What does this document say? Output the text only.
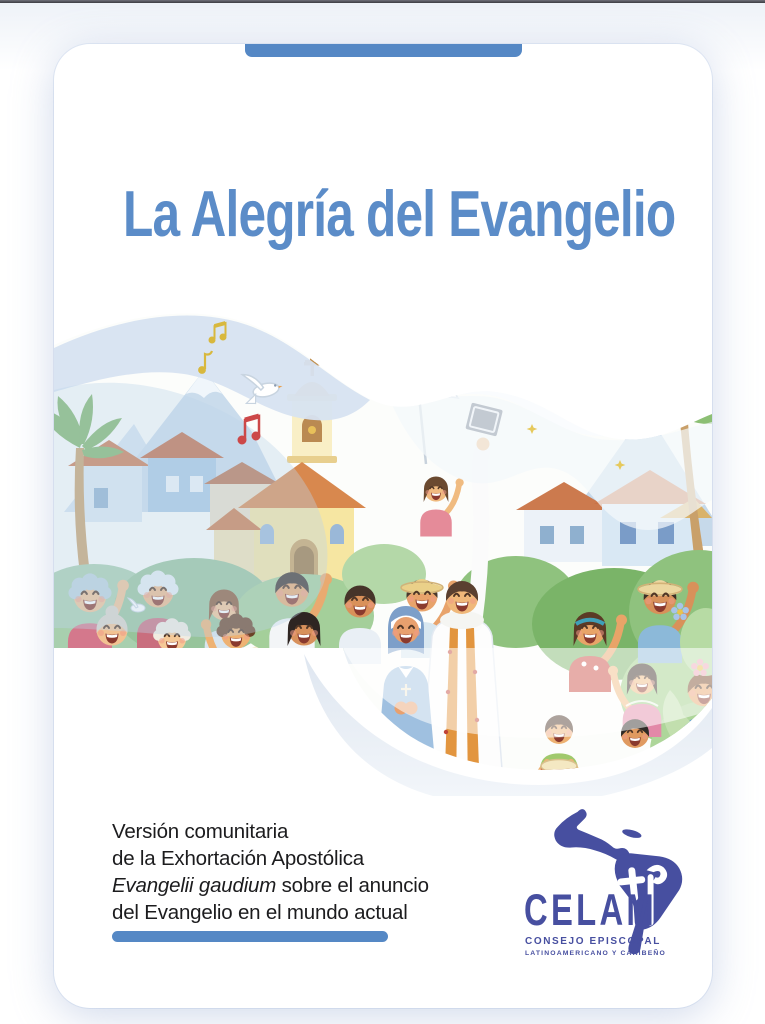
La Alegría del Evangelio
Versión comunitaria
de la Exhortación Apostólica
Evangelii gaudium sobre el anuncio
del Evangelio en el mundo actual	CELAM
CONSEJO EPISCOPAL
LATINOAMERICANO Y CARIBEÑO
